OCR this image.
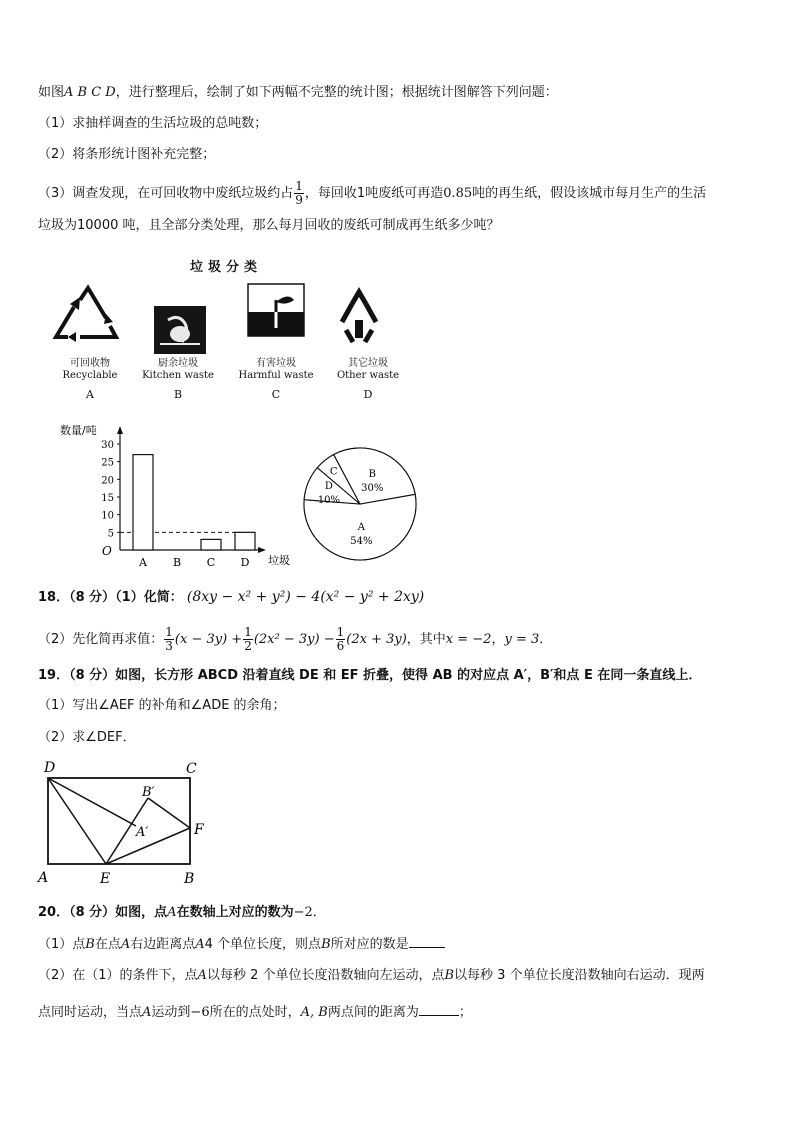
如图A B C D，进行整理后，绘制了如下两幅不完整的统计图；根据统计图解答下列问题：
（1）求抽样调查的生活垃圾的总吨数；
（2）将条形统计图补充完整；
（3）调查发现，在可回收物中废纸垃圾约占 $\frac{1}{9}$ ，每回收1吨废纸可再造0.85吨的再生纸，假设该城市每月生产的生活
垃圾为10000 吨，且全部分类处理，那么每月回收的废纸可制成再生纸多少吨？
垃圾分类
可回收物
Recyclable
A
厨余垃圾
Kitchen waste
B
有害垃圾
Harmful waste
C
其它垃圾
Other waste
D
数量/吨
垃圾
O
5
10
15
20
25
30
A B C D
A
54%
D
10%
C	B
30%
18．（8 分）（1）化简： (8xy − x² + y²) − 4(x² − y² + 2xy)
（2）先化简再求值： $\frac{1}{3} (x - 3y) + \frac{1}{2} (2x^2 - 3y) - \frac{1}{6} (2x + 3y)$，其中x = −2，y = 3．
19．（8 分）如图，长方形 ABCD 沿着直线 DE 和 EF 折叠，使得 AB 的对应点 A′，B′和点 E 在同一条直线上．
（1）写出∠AEF 的补角和∠ADE 的余角；
（2）求∠DEF．
D	C
A	E	B
B′
A′	F
20．（8 分）如图，点A在数轴上对应的数为−2．
（1）点B在点A右边距离点A4 个单位长度，则点B所对应的数是
（2）在（1）的条件下，点A以每秒 2 个单位长度沿数轴向左运动，点B以每秒 3 个单位长度沿数轴向右运动．现两
点同时运动，当点A运动到−6所在的点处时，A, B两点间的距离为	；
